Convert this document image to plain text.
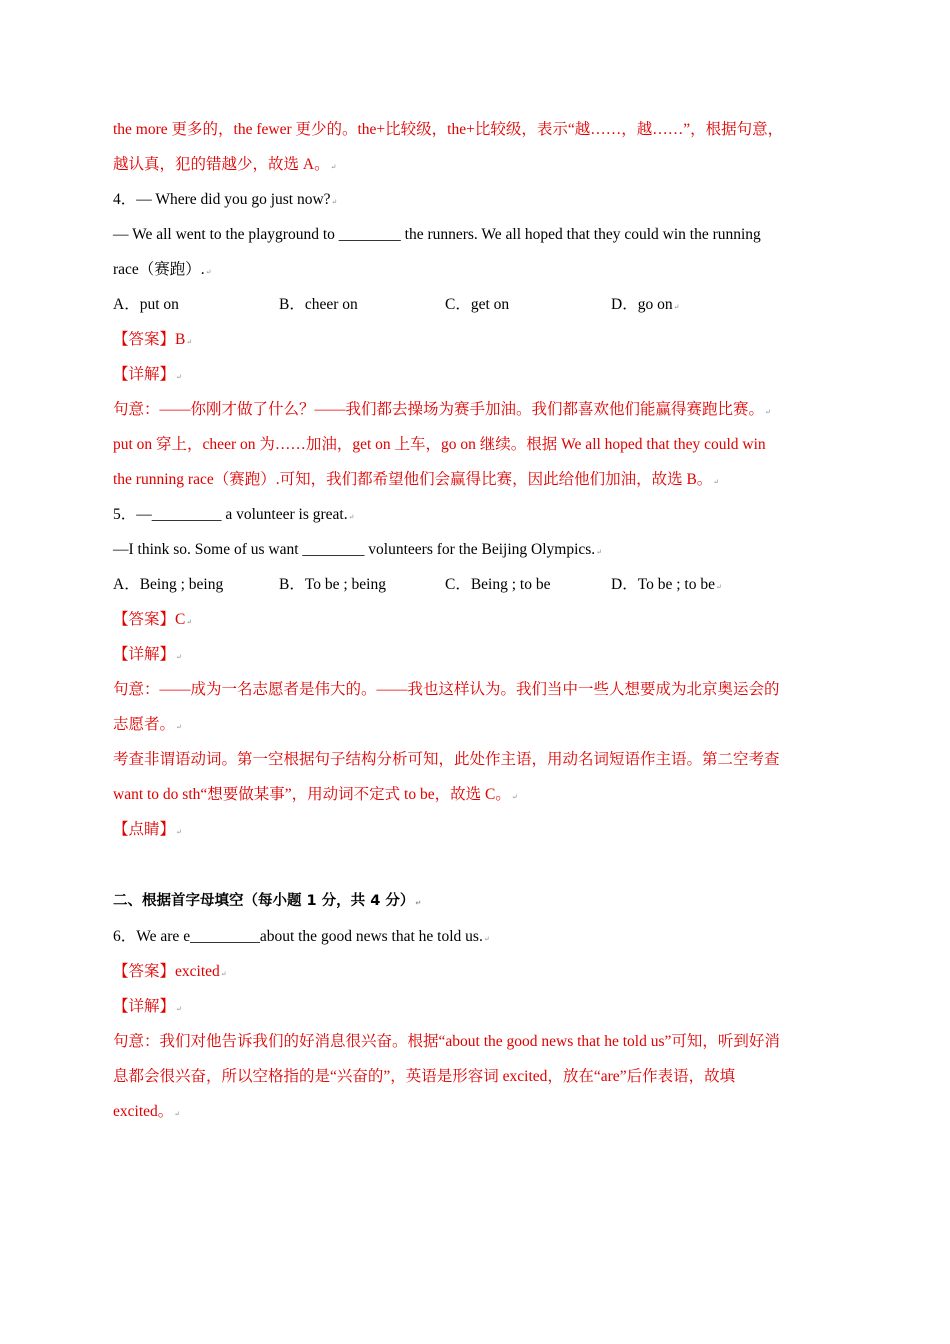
the more 更多的，the fewer 更少的。the+比较级，the+比较级，表示“越……，越……”，根据句意，
越认真，犯的错越少，故选 A。↵
4．— Where did you go just now?↵
— We all went to the playground to ________ the runners. We all hoped that they could win the running
race（赛跑）.↵
A．put on	B．cheer on	C．get on	D．go on↵
【答案】B↵
【详解】↵
句意：——你刚才做了什么？——我们都去操场为赛手加油。我们都喜欢他们能赢得赛跑比赛。↵
put on 穿上，cheer on 为……加油，get on 上车，go on 继续。根据 We all hoped that they could win
the running race（赛跑）.可知，我们都希望他们会赢得比赛，因此给他们加油，故选 B。↵
5．—_________ a volunteer is great.↵
—I think so. Some of us want ________ volunteers for the Beijing Olympics.↵
A．Being ; being	B．To be ; being	C．Being ; to be	D．To be ; to be↵
【答案】C↵
【详解】↵
句意：——成为一名志愿者是伟大的。——我也这样认为。我们当中一些人想要成为北京奥运会的
志愿者。↵
考查非谓语动词。第一空根据句子结构分析可知，此处作主语，用动名词短语作主语。第二空考查
want to do sth“想要做某事”，用动词不定式 to be，故选 C。↵
【点睛】↵
二、根据首字母填空（每小题 1 分，共 4 分）↵
6．We are e_________about the good news that he told us.↵
【答案】excited↵
【详解】↵
句意：我们对他告诉我们的好消息很兴奋。根据“about the good news that he told us”可知，听到好消
息都会很兴奋，所以空格指的是“兴奋的”，英语是形容词 excited，放在“are”后作表语，故填
excited。↵
